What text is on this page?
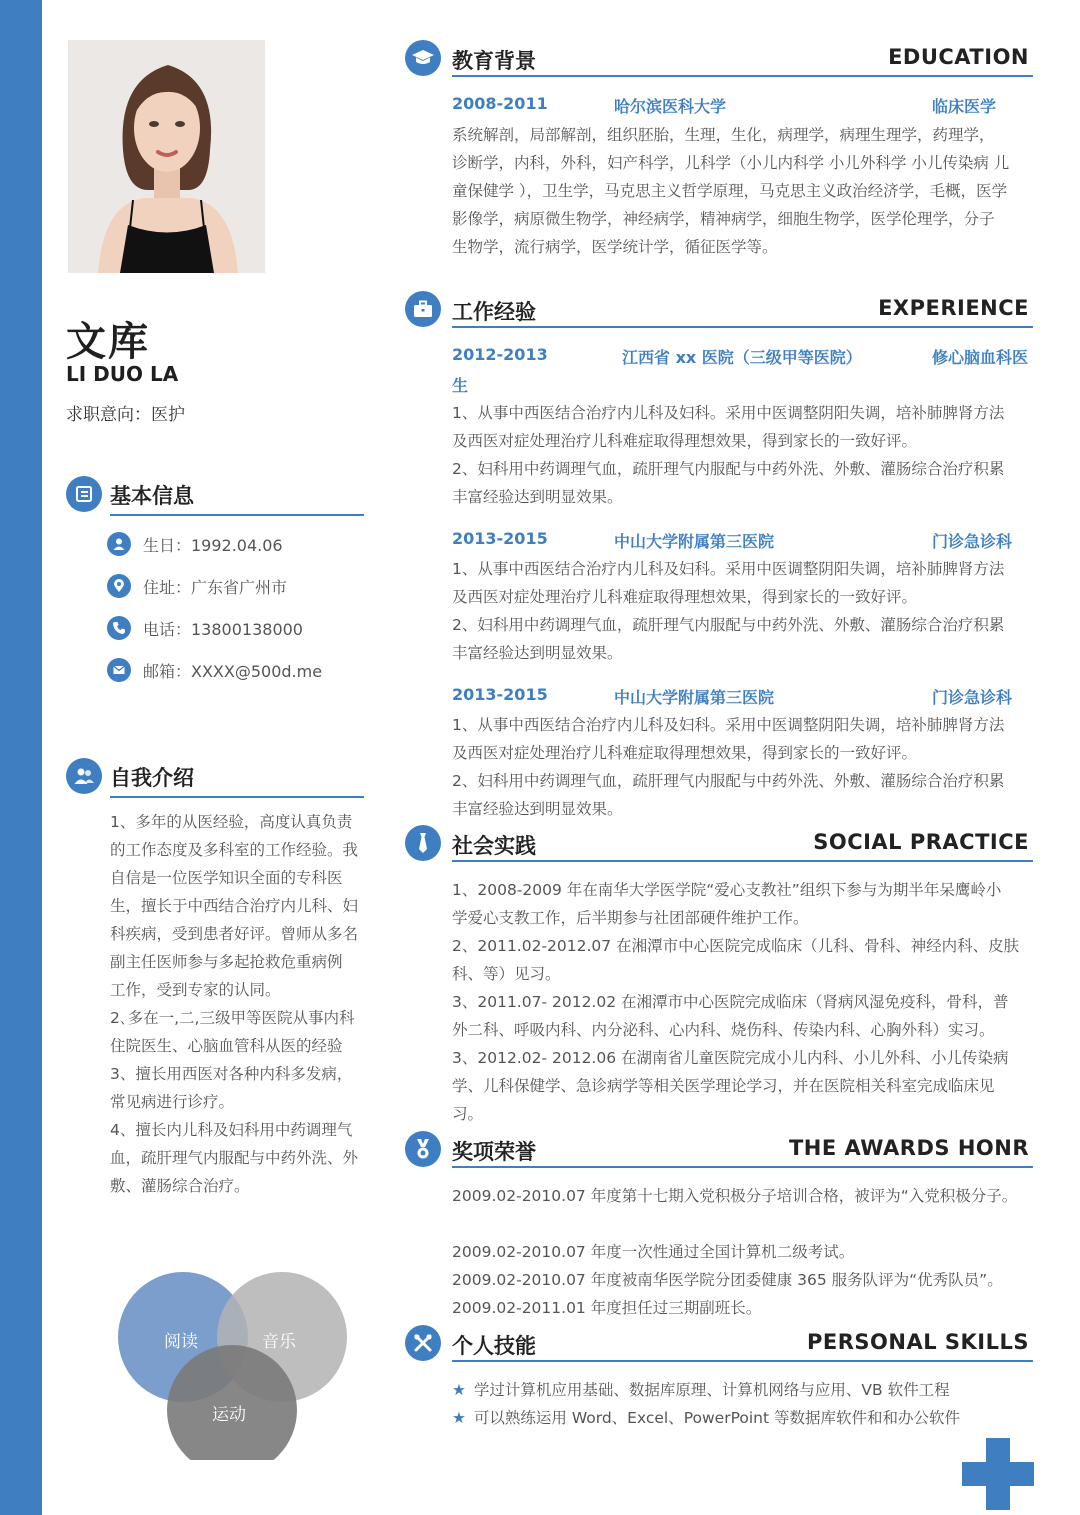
文库
LI DUO LA
求职意向：医护
基本信息
生日：1992.04.06
住址：广东省广州市
电话：13800138000
邮箱：XXXX@500d.me
自我介绍

1、多年的从医经验，高度认真负责

的工作态度及多科室的工作经验。我

自信是一位医学知识全面的专科医

生，擅长于中西结合治疗内儿科、妇

科疾病，受到患者好评。曾师从多名

副主任医师参与多起抢救危重病例

工作，受到专家的认同。

2､多在一,二,三级甲等医院从事内科

住院医生、心脑血管科从医的经验

3、擅长用西医对各种内科多发病，

常见病进行诊疗。

4、擅长内儿科及妇科用中药调理气

血，疏肝理气内服配与中药外洗、外

敷、灌肠综合治疗。

阅读	音乐
运动
教育背景	EDUCATION
2008-2011	哈尔滨医科大学	临床医学

系统解剖，局部解剖，组织胚胎，生理，生化，病理学，病理生理学，药理学，

诊断学，内科，外科，妇产科学，儿科学（小儿内科学 小儿外科学 小儿传染病 儿

童保健学 ），卫生学，马克思主义哲学原理，马克思主义政治经济学，毛概，医学

影像学，病原微生物学，神经病学，精神病学，细胞生物学，医学伦理学，分子

生物学，流行病学，医学统计学，循征医学等。

工作经验	EXPERIENCE
2012-2013	江西省 xx 医院（三级甲等医院）	修心脑血科医
生

1、从事中西医结合治疗内儿科及妇科。采用中医调整阴阳失调，培补肺脾肾方法

及西医对症处理治疗儿科难症取得理想效果，得到家长的一致好评。

2、妇科用中药调理气血，疏肝理气内服配与中药外洗、外敷、灌肠综合治疗积累

丰富经验达到明显效果。

2013-2015	中山大学附属第三医院	门诊急诊科

1、从事中西医结合治疗内儿科及妇科。采用中医调整阴阳失调，培补肺脾肾方法

及西医对症处理治疗儿科难症取得理想效果，得到家长的一致好评。

2、妇科用中药调理气血，疏肝理气内服配与中药外洗、外敷、灌肠综合治疗积累

丰富经验达到明显效果。

2013-2015	中山大学附属第三医院	门诊急诊科

1、从事中西医结合治疗内儿科及妇科。采用中医调整阴阳失调，培补肺脾肾方法

及西医对症处理治疗儿科难症取得理想效果，得到家长的一致好评。

2、妇科用中药调理气血，疏肝理气内服配与中药外洗、外敷、灌肠综合治疗积累

丰富经验达到明显效果。

社会实践	SOCIAL PRACTICE

1、2008-2009 年在南华大学医学院“爱心支教社”组织下参与为期半年呆鹰岭小

学爱心支教工作，后半期参与社团部硬件维护工作。

2、2011.02-2012.07 在湘潭市中心医院完成临床（儿科、骨科、神经内科、皮肤

科、等）见习。

3、2011.07- 2012.02 在湘潭市中心医院完成临床（肾病风湿免疫科，骨科，普

外二科、呼吸内科、内分泌科、心内科、烧伤科、传染内科、心胸外科）实习。

3、2012.02- 2012.06 在湖南省儿童医院完成小儿内科、小儿外科、小儿传染病

学、儿科保健学、急诊病学等相关医学理论学习，并在医院相关科室完成临床见

习。

奖项荣誉	THE AWARDS HONR

2009.02-2010.07 年度第十七期入党积极分子培训合格，被评为“入党积极分子。

2009.02-2010.07 年度一次性通过全国计算机二级考试。

2009.02-2010.07 年度被南华医学院分团委健康 365 服务队评为“优秀队员”。

2009.02-2011.01 年度担任过三期副班长。

个人技能	PERSONAL SKILLS
★ 学过计算机应用基础、数据库原理、计算机网络与应用、VB 软件工程
★ 可以熟练运用 Word、Excel、PowerPoint 等数据库软件和和办公软件
